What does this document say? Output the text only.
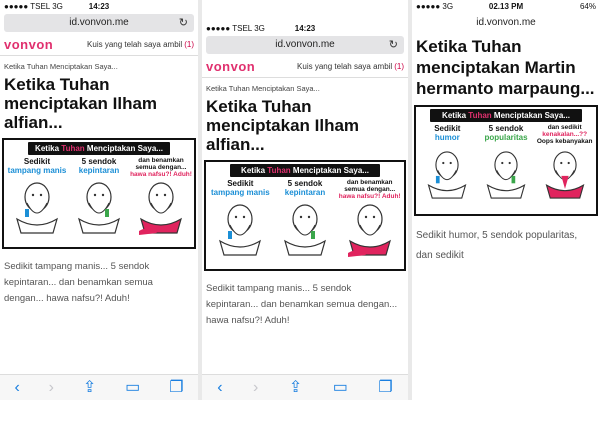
●●●●● TSEL 3G	14:23
id.vonvon.me	↻
vonvon	Kuis yang telah saya ambil (1)
Ketika Tuhan Menciptakan Saya...
Ketika Tuhan menciptakan Ilham alfian...
Ketika Tuhan Menciptakan Saya...
Sedikit
tampang manis
5 sendok
kepintaran
dan benamkan semua dengan...
hawa nafsu?! Aduh!
Sedikit tampang manis... 5 sendok kepintaran... dan benamkan semua dengan... hawa nafsu?! Aduh!
‹ › ⇪ ▭ ❐
●●●●● TSEL 3G	14:23
id.vonvon.me	↻
vonvon	Kuis yang telah saya ambil (1)
Ketika Tuhan Menciptakan Saya...
Ketika Tuhan menciptakan Ilham alfian...
Ketika Tuhan Menciptakan Saya...
Sedikit
tampang manis
5 sendok
kepintaran
dan benamkan semua dengan...
hawa nafsu?! Aduh!
Sedikit tampang manis... 5 sendok kepintaran... dan benamkan semua dengan... hawa nafsu?! Aduh!
‹ › ⇪ ▭ ❐
●●●●● 3G	02.13 PM	64%
id.vonvon.me
Ketika Tuhan menciptakan Martin hermanto marpaung...
Ketika Tuhan Menciptakan Saya...
Sedikit
humor
5 sendok
popularitas
dan sedikit
kenakalan...??
Oops kebanyakan
Sedikit humor, 5 sendok popularitas, dan sedikit
